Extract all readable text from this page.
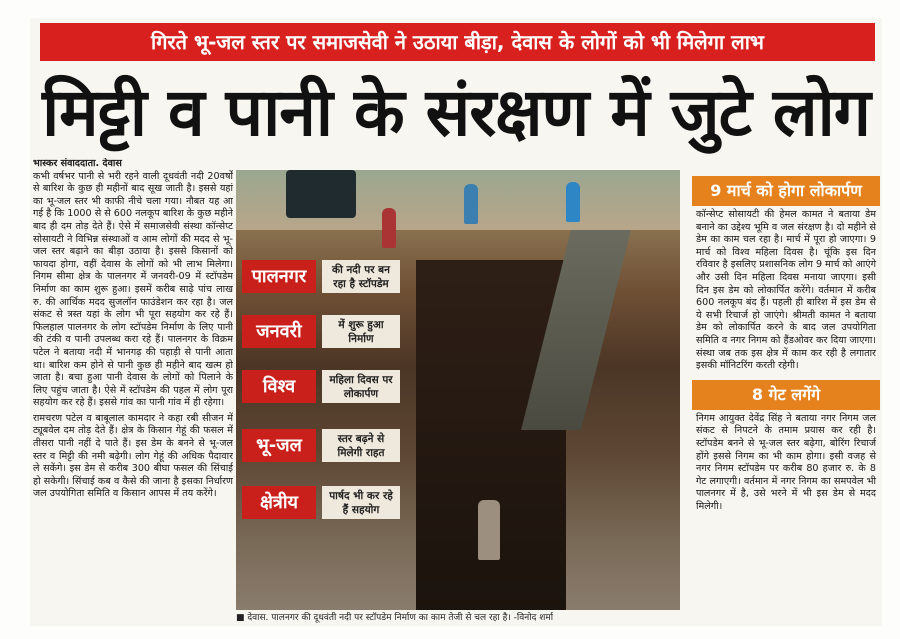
गिरते भू-जल स्तर पर समाजसेवी ने उठाया बीड़ा, देवास के लोगों को भी मिलेगा लाभ
मिट्टी व पानी के संरक्षण में जुटे लोग
भास्कर संवाददाता. देवास

कभी वर्षभर पानी से भरी रहने वाली दूधवंती नदी 20वर्षों से बारिश के कुछ ही महीनों बाद सूख जाती है। इससे यहां का भू-जल स्तर भी काफी नीचे चला गया। नौबत यह आ गई है कि 1000 से से 600 नलकूप बारिश के कुछ महीने बाद ही दम तोड़ देते हैं। ऐसे में समाजसेवी संस्था कॉन्सेप्ट सोसायटी ने विभिन्न संस्थाओं व आम लोगों की मदद से भू-जल स्तर बढ़ाने का बीड़ा उठाया है। इससे किसानों को फायदा होगा, वहीं देवास के लोगों को भी लाभ मिलेगा।निगम सीमा क्षेत्र के पालनगर में जनवरी-09 में स्टॉपडेम निर्माण का काम शुरू हुआ। इसमें करीब साढ़े पांच लाख रु. की आर्थिक मदद सुजलॉन फाउंडेशन कर रहा है। जल संकट से त्रस्त यहां के लोग भी पूरा सहयोग कर रहे हैं। फिलहाल पालनगर के लोग स्टॉपडेम निर्माण के लिए पानी की टंकी व पानी उपलब्ध करा रहे हैं। पालनगर के विक्रम पटेल ने बताया नदी में भानगढ़ की पहाड़ी से पानी आता था। बारिश कम होने से पानी कुछ ही महीने बाद खत्म हो जाता है। बचा हुआ पानी देवास के लोगों को पिलाने के लिए पहुंच जाता है। ऐसे में स्टॉपडेम की पहल में लोग पूरा सहयोग कर रहे हैं। इससे गांव का पानी गांव में ही रहेगा।

रामचरण पटेल व बाबूलाल कामदार ने कहा रबी सीजन में ट्यूबवेल दम तोड़ देते हैं। क्षेत्र के किसान गेहूं की फसल में तीसरा पानी नहीं दे पाते हैं। इस डेम के बनने से भू-जल स्तर व मिट्टी की नमी बढ़ेगी। लोग गेहूं की अधिक पैदावार ले सकेंगे। इस डेम से करीब 300 बीघा फसल की सिंचाई हो सकेगी। सिंचाई कब व कैसे की जाना है इसका निर्धारण जल उपयोगिता समिति व किसान आपस में तय करेंगे।

पालनगर	की नदी पर बन रहा है स्टॉपडेम
जनवरी	में शुरू हुआ निर्माण
विश्व	महिला दिवस पर लोकार्पण
भू-जल	स्तर बढ़ने से मिलेगी राहत
क्षेत्रीय	पार्षद भी कर रहे हैं सहयोग
■ देवास. पालनगर की दूधवंती नदी पर स्टॉपडेम निर्माण का काम तेजी से चल रहा है। -विनोद शर्मा
9 मार्च को होगा लोकार्पण

कॉन्सेप्ट सोसायटी की हेमल कामत ने बताया डेम बनाने का उद्देश्य भूमि व जल संरक्षण है। दो महीने से डेम का काम चल रहा है। मार्च में पूरा हो जाएगा। 9 मार्च को विश्व महिला दिवस है। चूंकि इस दिन रविवार है इसलिए प्रशासनिक लोग 9 मार्च को आएंगे और उसी दिन महिला दिवस मनाया जाएगा। इसी दिन इस डेम को लोकार्पित करेंगे। वर्तमान में करीब 600 नलकूप बंद हैं। पहली ही बारिश में इस डेम से ये सभी रिचार्ज हो जाएंगे। श्रीमती कामत ने बताया डेम को लोकार्पित करने के बाद जल उपयोगिता समिति व नगर निगम को हैंडओवर कर दिया जाएगा। संस्था जब तक इस क्षेत्र में काम कर रही है लगातार इसकी मॉनिटरिंग करती रहेगी।

8 गेट लगेंगे

निगम आयुक्त देवेंद्र सिंह ने बताया नगर निगम जल संकट से निपटने के तमाम प्रयास कर रही है। स्टॉपडेम बनने से भू-जल स्तर बढ़ेगा, बोरिंग रिचार्ज होंगे इससे निगम का भी काम होगा। इसी वजह से नगर निगम स्टॉपडेम पर करीब 80 हजार रु. के 8 गेट लगाएगी। वर्तमान में नगर निगम का समपवेल भी पालनगर में है, उसे भरने में भी इस डेम से मदद मिलेगी।
